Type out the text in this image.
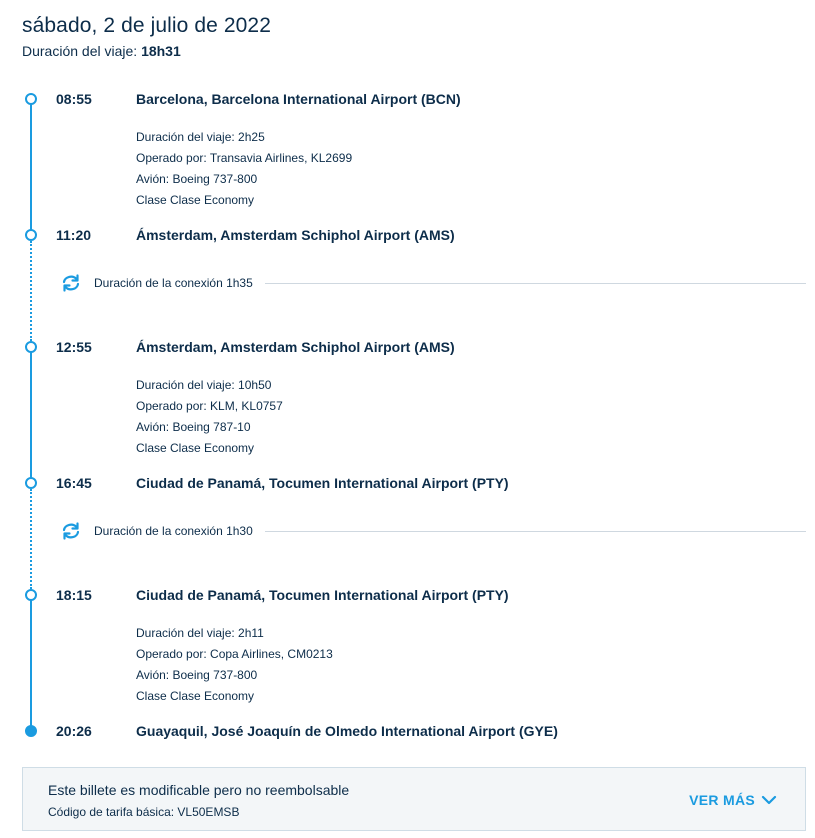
sábado, 2 de julio de 2022
Duración del viaje: 18h31
08:55	Barcelona, Barcelona International Airport (BCN)
Duración del viaje: 2h25
Operado por: Transavia Airlines, KL2699
Avión: Boeing 737-800
Clase Clase Economy
11:20	Ámsterdam, Amsterdam Schiphol Airport (AMS)
Duración de la conexión 1h35
12:55	Ámsterdam, Amsterdam Schiphol Airport (AMS)
Duración del viaje: 10h50
Operado por: KLM, KL0757
Avión: Boeing 787-10
Clase Clase Economy
16:45	Ciudad de Panamá, Tocumen International Airport (PTY)
Duración de la conexión 1h30
18:15	Ciudad de Panamá, Tocumen International Airport (PTY)
Duración del viaje: 2h11
Operado por: Copa Airlines, CM0213
Avión: Boeing 737-800
Clase Clase Economy
20:26	Guayaquil, José Joaquín de Olmedo International Airport (GYE)
Este billete es modificable pero no reembolsable
Código de tarifa básica: VL50EMSB
VER MÁS
